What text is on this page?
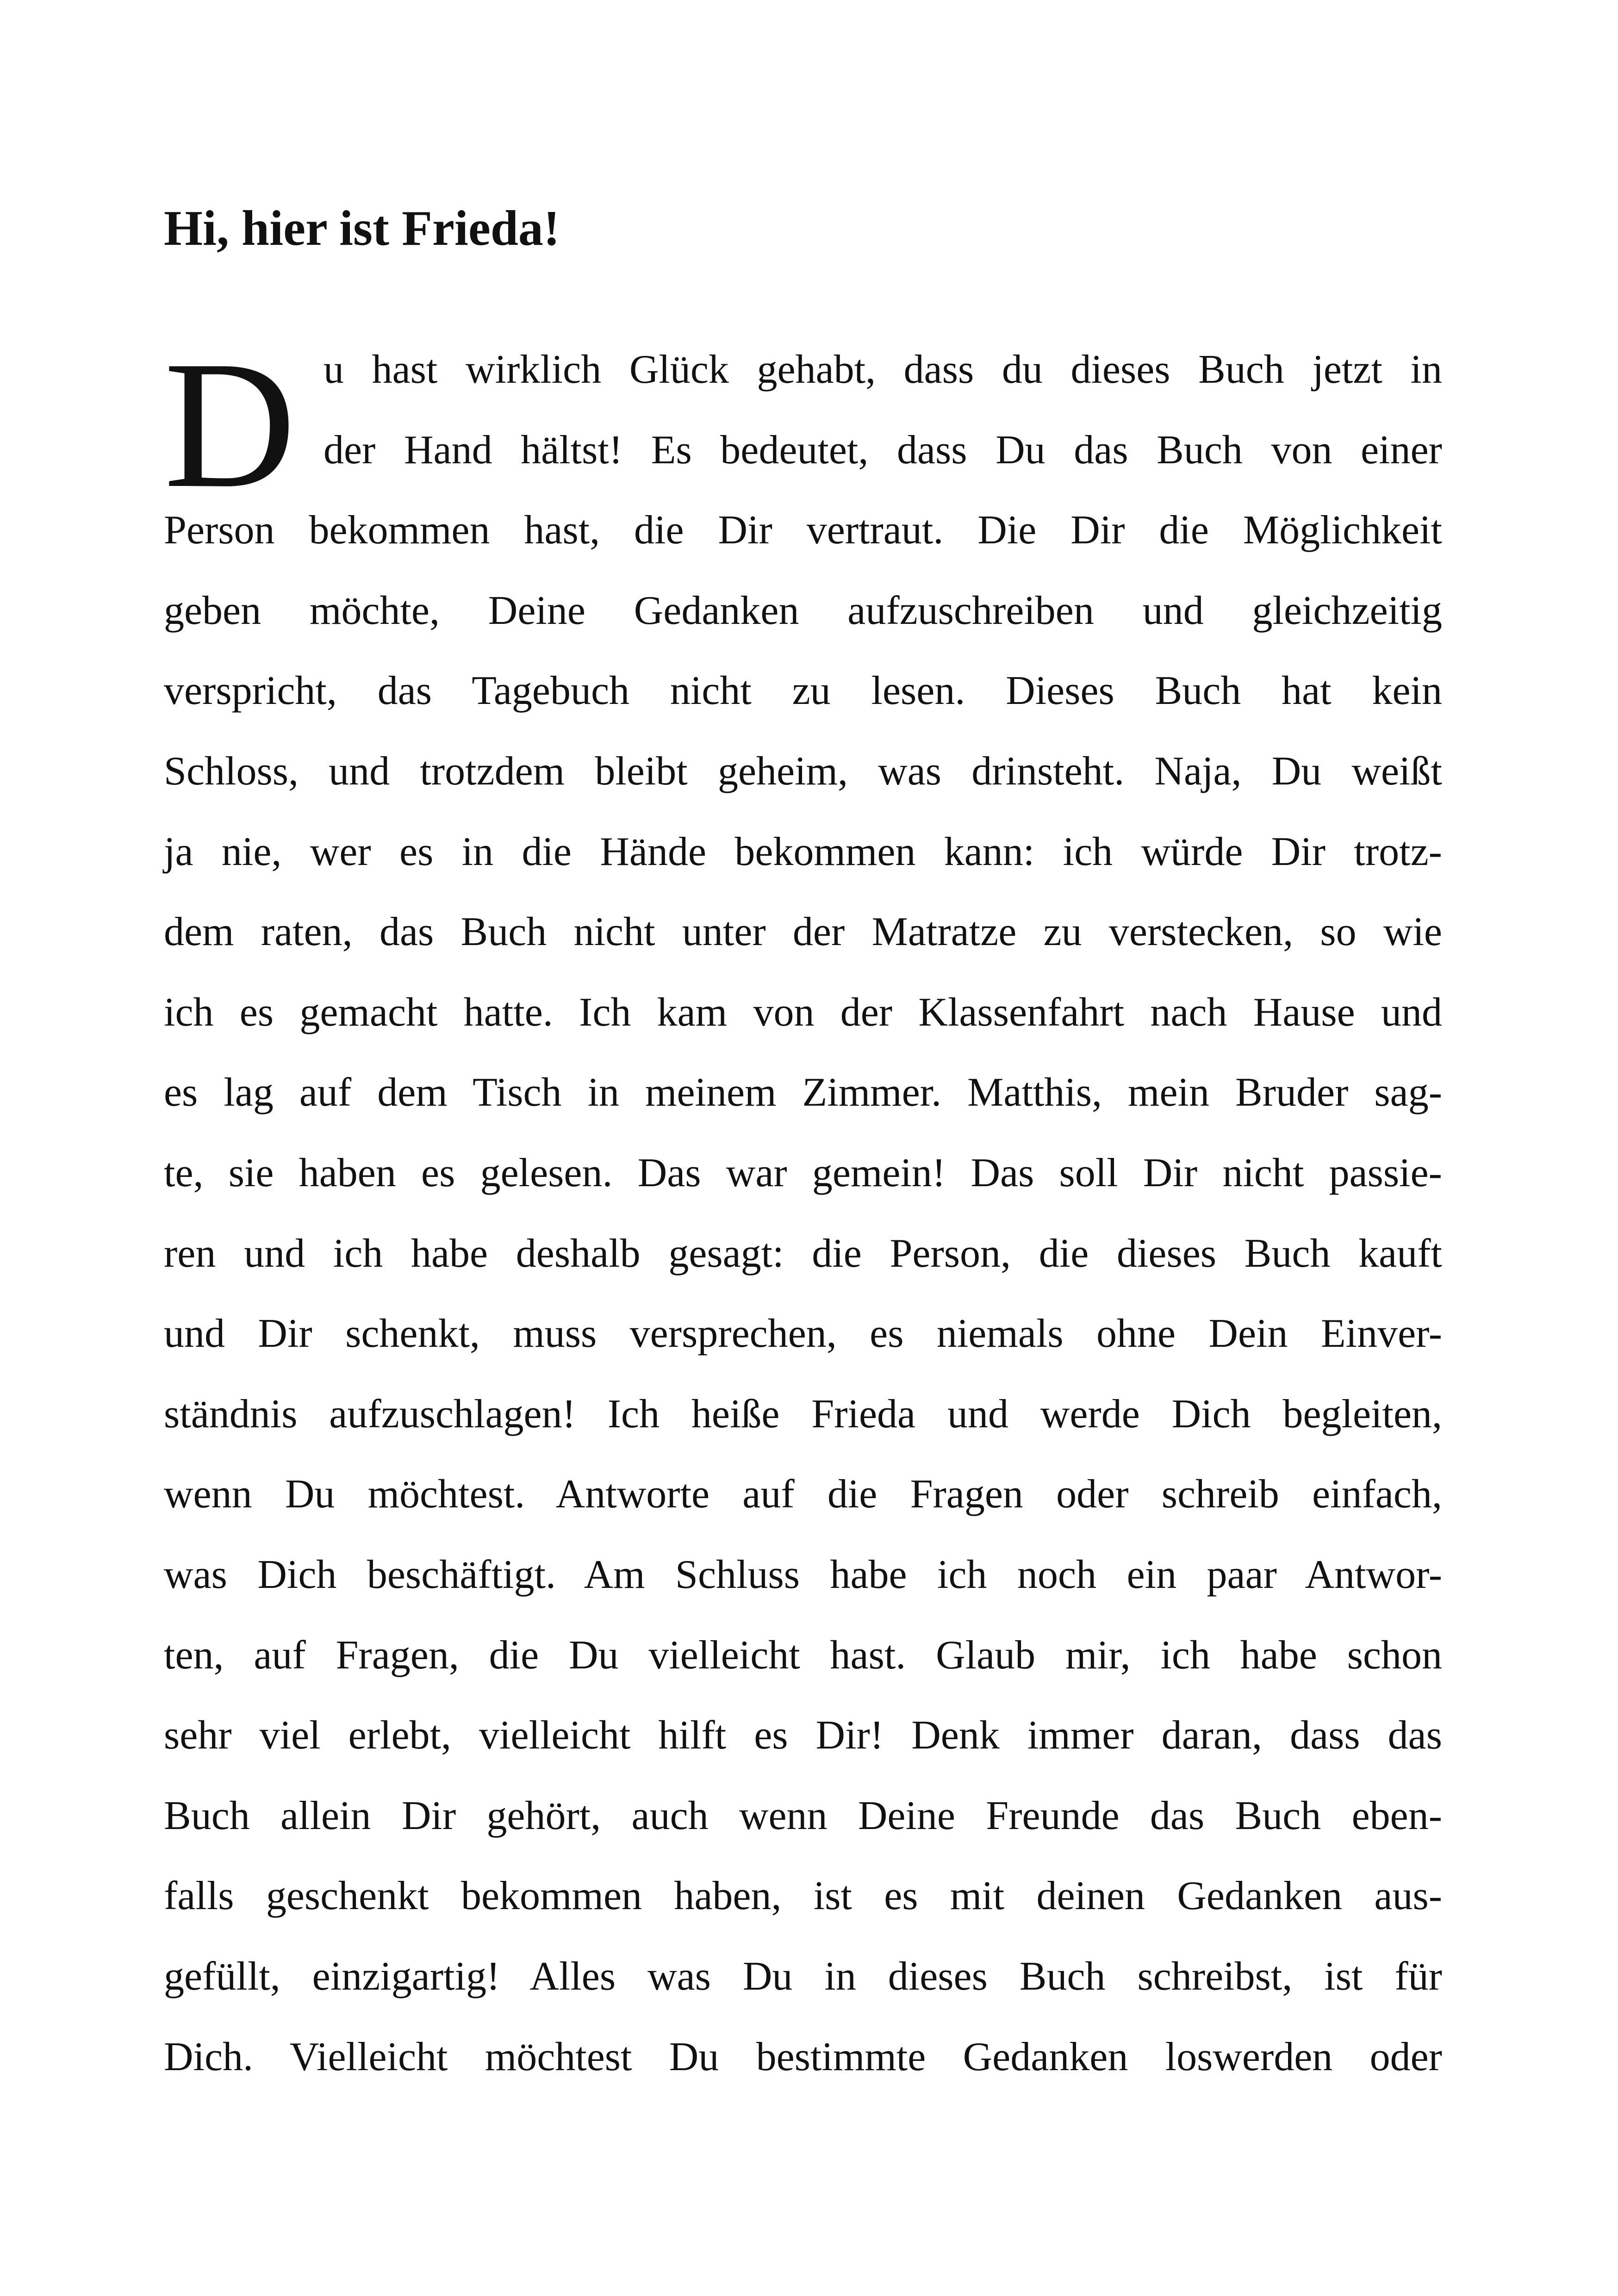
Hi, hier ist Frieda!
D u hast wirklich Glück gehabt, dass du dieses Buch jetzt in
der Hand hältst! Es bedeutet, dass Du das Buch von einer
Person bekommen hast, die Dir vertraut. Die Dir die Möglichkeit
geben möchte, Deine Gedanken aufzuschreiben und gleichzeitig
verspricht, das Tagebuch nicht zu lesen. Dieses Buch hat kein
Schloss, und trotzdem bleibt geheim, was drinsteht. Naja, Du weißt
ja nie, wer es in die Hände bekommen kann: ich würde Dir trotz-
dem raten, das Buch nicht unter der Matratze zu verstecken, so wie
ich es gemacht hatte. Ich kam von der Klassenfahrt nach Hause und
es lag auf dem Tisch in meinem Zimmer. Matthis, mein Bruder sag-
te, sie haben es gelesen. Das war gemein! Das soll Dir nicht passie-
ren und ich habe deshalb gesagt: die Person, die dieses Buch kauft
und Dir schenkt, muss versprechen, es niemals ohne Dein Einver-
ständnis aufzuschlagen! Ich heiße Frieda und werde Dich begleiten,
wenn Du möchtest. Antworte auf die Fragen oder schreib einfach,
was Dich beschäftigt. Am Schluss habe ich noch ein paar Antwor-
ten, auf Fragen, die Du vielleicht hast. Glaub mir, ich habe schon
sehr viel erlebt, vielleicht hilft es Dir! Denk immer daran, dass das
Buch allein Dir gehört, auch wenn Deine Freunde das Buch eben-
falls geschenkt bekommen haben, ist es mit deinen Gedanken aus-
gefüllt, einzigartig! Alles was Du in dieses Buch schreibst, ist für
Dich. Vielleicht möchtest Du bestimmte Gedanken loswerden oder
